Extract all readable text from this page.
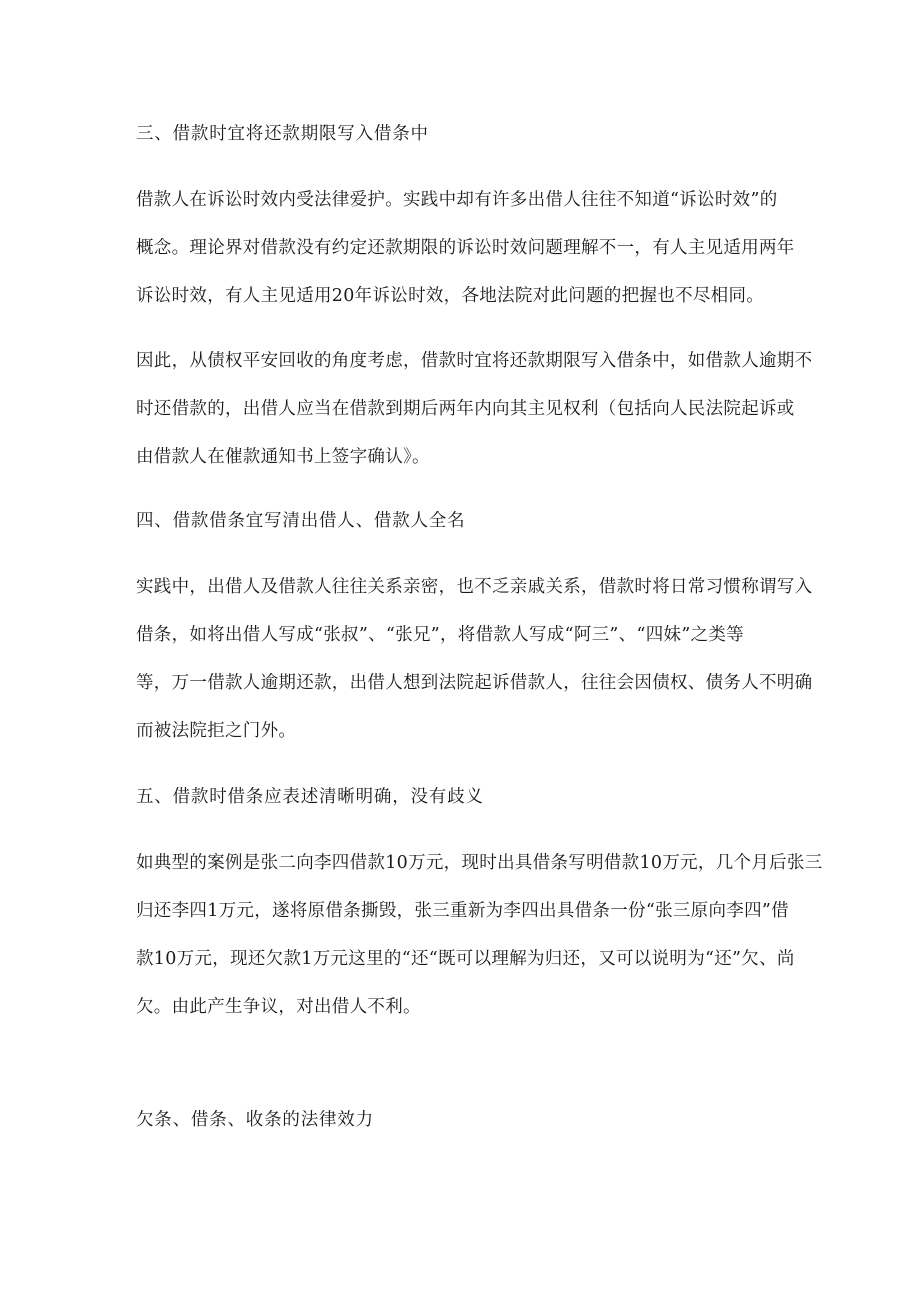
三、借款时宜将还款期限写入借条中
借款人在诉讼时效内受法律爱护。实践中却有许多出借人往往不知道“诉讼时效”的
概念。理论界对借款没有约定还款期限的诉讼时效问题理解不一，有人主见适用两年
诉讼时效，有人主见适用20年诉讼时效，各地法院对此问题的把握也不尽相同。
因此，从债权平安回收的角度考虑，借款时宜将还款期限写入借条中，如借款人逾期不
时还借款的，出借人应当在借款到期后两年内向其主见权利（包括向人民法院起诉或
由借款人在催款通知书上签字确认》。
四、借款借条宜写清出借人、借款人全名
实践中，出借人及借款人往往关系亲密，也不乏亲戚关系，借款时将日常习惯称谓写入
借条，如将出借人写成“张叔”、“张兄”，将借款人写成“阿三”、“四妹”之类等
等，万一借款人逾期还款，出借人想到法院起诉借款人，往往会因债权、债务人不明确
而被法院拒之门外。
五、借款时借条应表述清晰明确，没有歧义
如典型的案例是张二向李四借款10万元，现时出具借条写明借款10万元，几个月后张三
归还李四1万元，遂将原借条撕毁，张三重新为李四出具借条一份“张三原向李四”借
款10万元，现还欠款1万元这里的“还“既可以理解为归还，又可以说明为“还”欠、尚
欠。由此产生争议，对出借人不利。
欠条、借条、收条的法律效力
